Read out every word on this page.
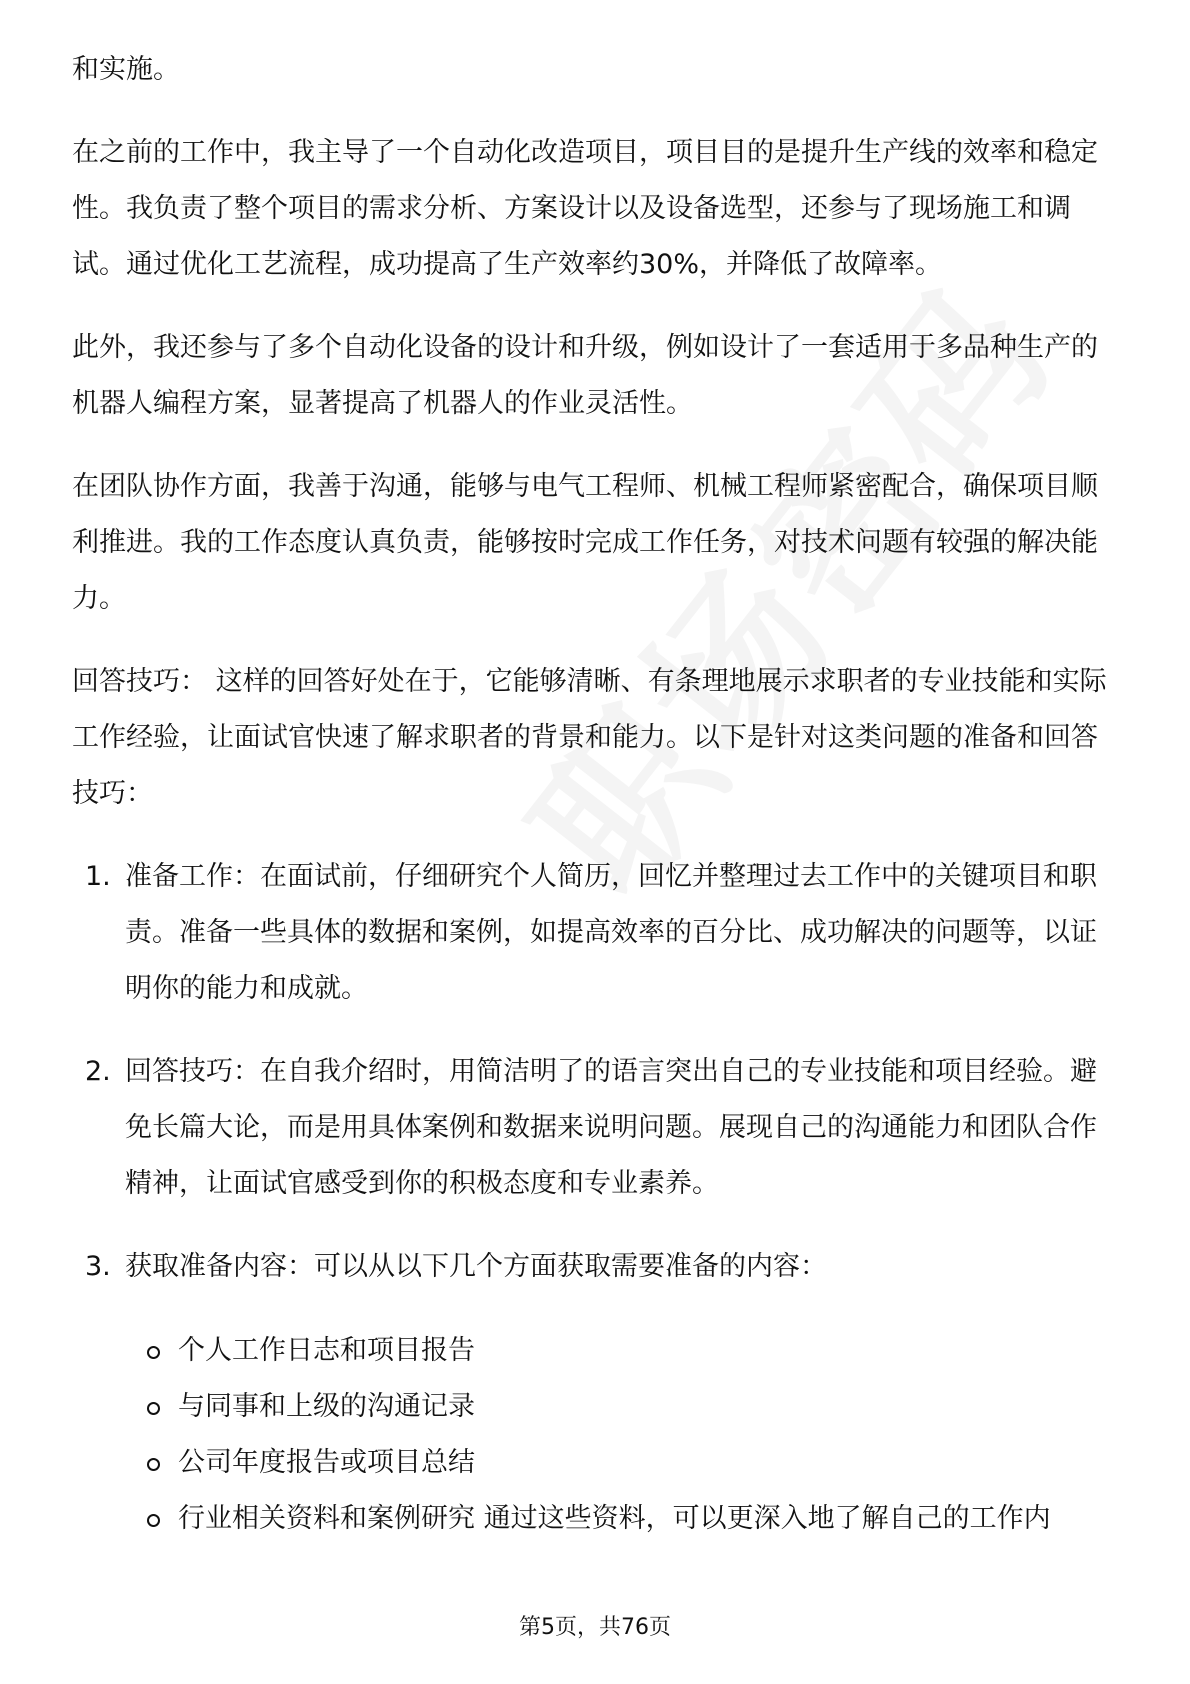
和实施。

在之前的工作中，我主导了一个自动化改造项目，项目目的是提升生产线的效率和稳定性。我负责了整个项目的需求分析、方案设计以及设备选型，还参与了现场施工和调试。通过优化工艺流程，成功提高了生产效率约30%，并降低了故障率。

此外，我还参与了多个自动化设备的设计和升级，例如设计了一套适用于多品种生产的机器人编程方案，显著提高了机器人的作业灵活性。

在团队协作方面，我善于沟通，能够与电气工程师、机械工程师紧密配合，确保项目顺利推进。我的工作态度认真负责，能够按时完成工作任务，对技术问题有较强的解决能力。

回答技巧： 这样的回答好处在于，它能够清晰、有条理地展示求职者的专业技能和实际工作经验，让面试官快速了解求职者的背景和能力。以下是针对这类问题的准备和回答技巧：

1. 准备工作：在面试前，仔细研究个人简历，回忆并整理过去工作中的关键项目和职责。准备一些具体的数据和案例，如提高效率的百分比、成功解决的问题等，以证明你的能力和成就。
2. 回答技巧：在自我介绍时，用简洁明了的语言突出自己的专业技能和项目经验。避免长篇大论，而是用具体案例和数据来说明问题。展现自己的沟通能力和团队合作精神，让面试官感受到你的积极态度和专业素养。
3. 获取准备内容：可以从以下几个方面获取需要准备的内容：
个人工作日志和项目报告
与同事和上级的沟通记录
公司年度报告或项目总结
行业相关资料和案例研究 通过这些资料，可以更深入地了解自己的工作内
第5页，共76页
